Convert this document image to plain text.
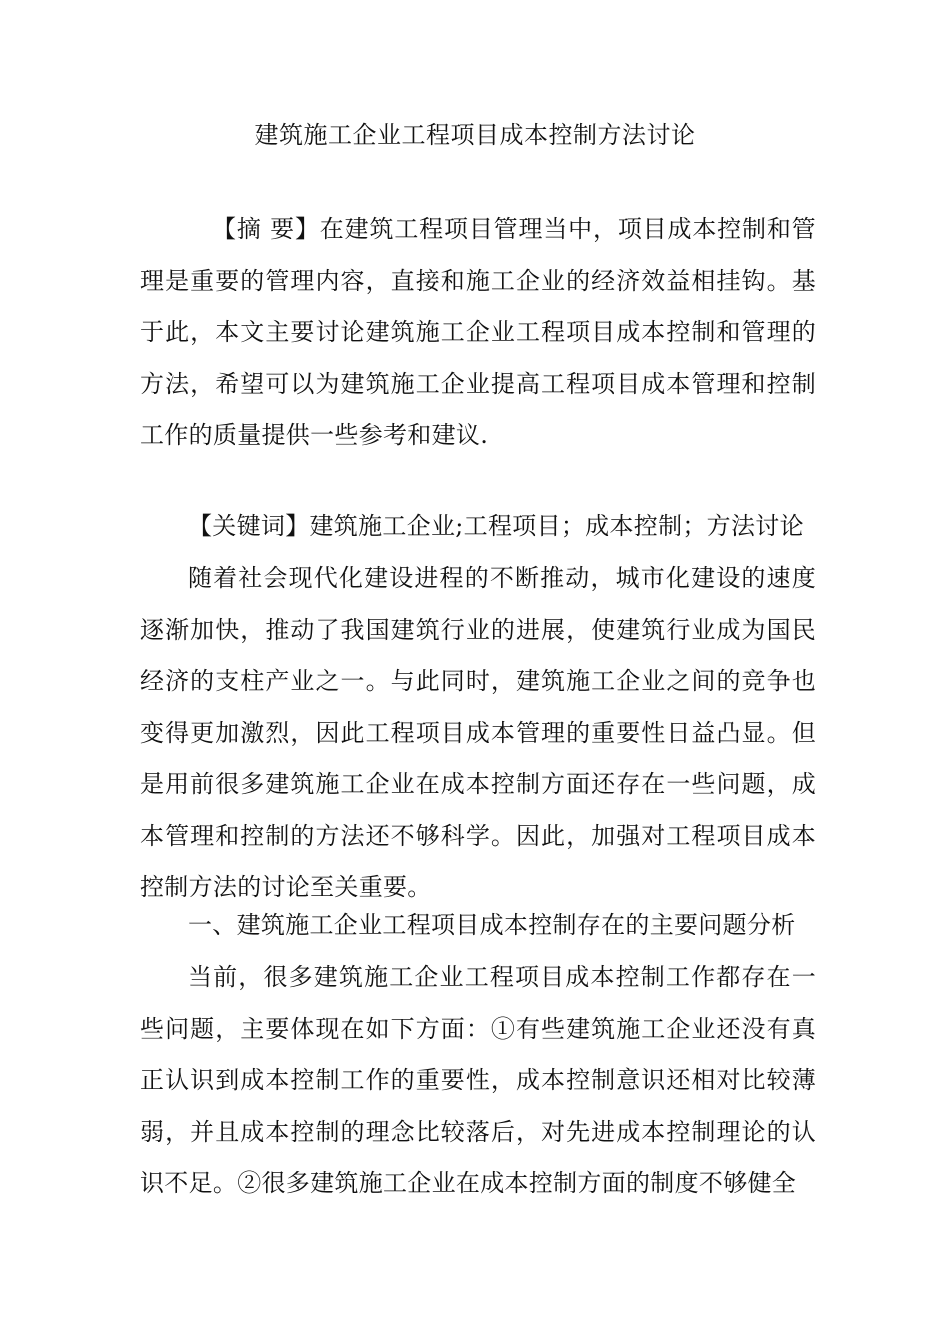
建筑施工企业工程项目成本控制方法讨论

【摘 要】在建筑工程项目管理当中，项目成本控制和管理是重要的管理内容，直接和施工企业的经济效益相挂钩。基于此，本文主要讨论建筑施工企业工程项目成本控制和管理的方法，希望可以为建筑施工企业提高工程项目成本管理和控制工作的质量提供一些参考和建议.

【关键词】建筑施工企业;工程项目；成本控制；方法讨论

随着社会现代化建设进程的不断推动，城市化建设的速度逐渐加快，推动了我国建筑行业的进展，使建筑行业成为国民经济的支柱产业之一。与此同时，建筑施工企业之间的竞争也变得更加激烈，因此工程项目成本管理的重要性日益凸显。但是用前很多建筑施工企业在成本控制方面还存在一些问题，成本管理和控制的方法还不够科学。因此，加强对工程项目成本控制方法的讨论至关重要。

一、建筑施工企业工程项目成本控制存在的主要问题分析

当前，很多建筑施工企业工程项目成本控制工作都存在一些问题，主要体现在如下方面：①有些建筑施工企业还没有真正认识到成本控制工作的重要性，成本控制意识还相对比较薄弱，并且成本控制的理念比较落后，对先进成本控制理论的认识不足。②很多建筑施工企业在成本控制方面的制度不够健全
